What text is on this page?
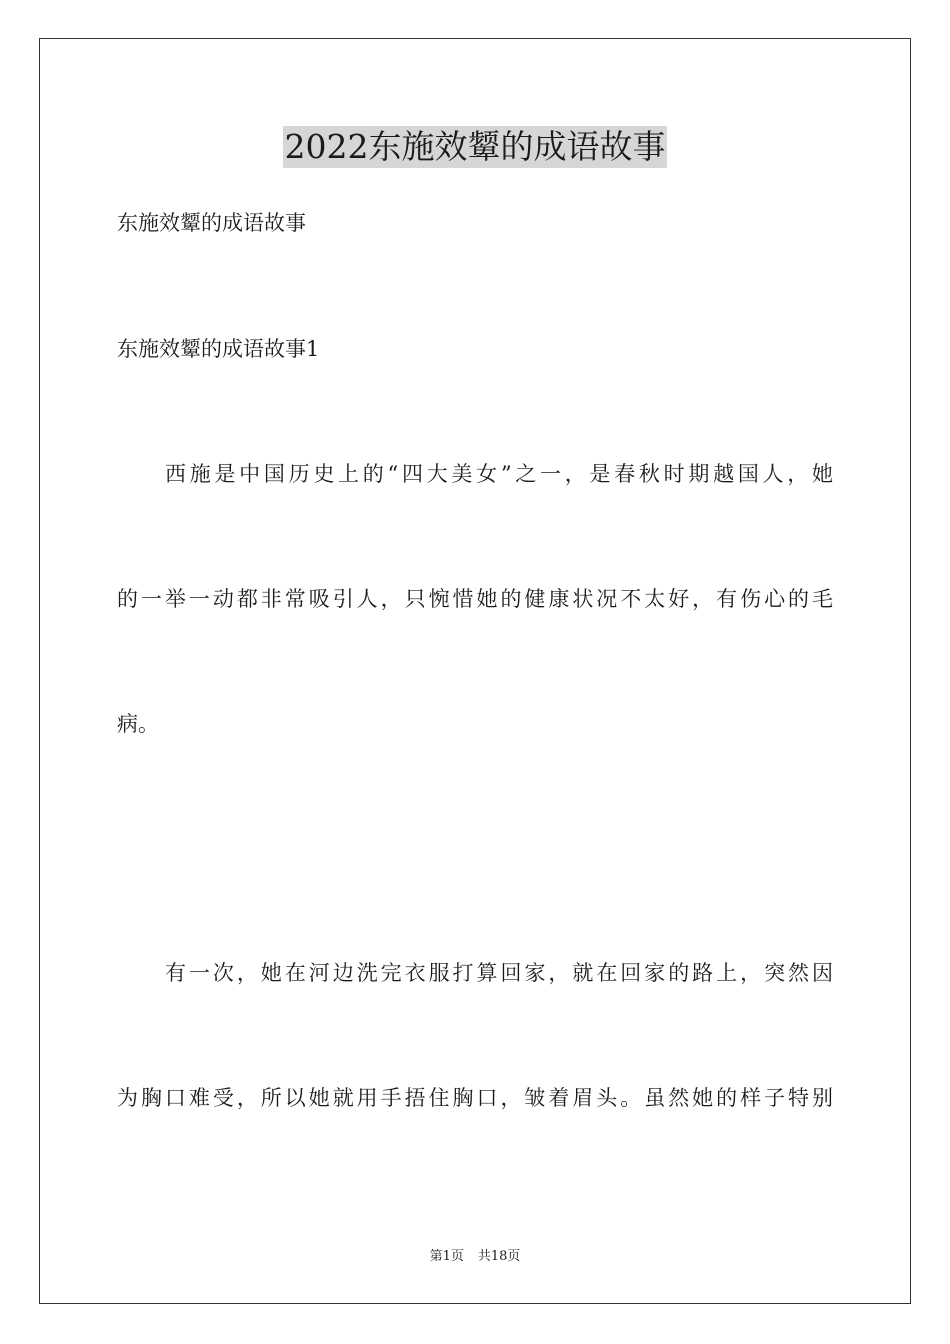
2022东施效颦的成语故事

东施效颦的成语故事

东施效颦的成语故事1

西施是中国历史上的“四大美女”之一，是春秋时期越国人，她

的一举一动都非常吸引人，只惋惜她的健康状况不太好，有伤心的毛

病。

有一次，她在河边洗完衣服打算回家，就在回家的路上，突然因

为胸口难受，所以她就用手捂住胸口，皱着眉头。虽然她的样子特别

第1页 共18页
